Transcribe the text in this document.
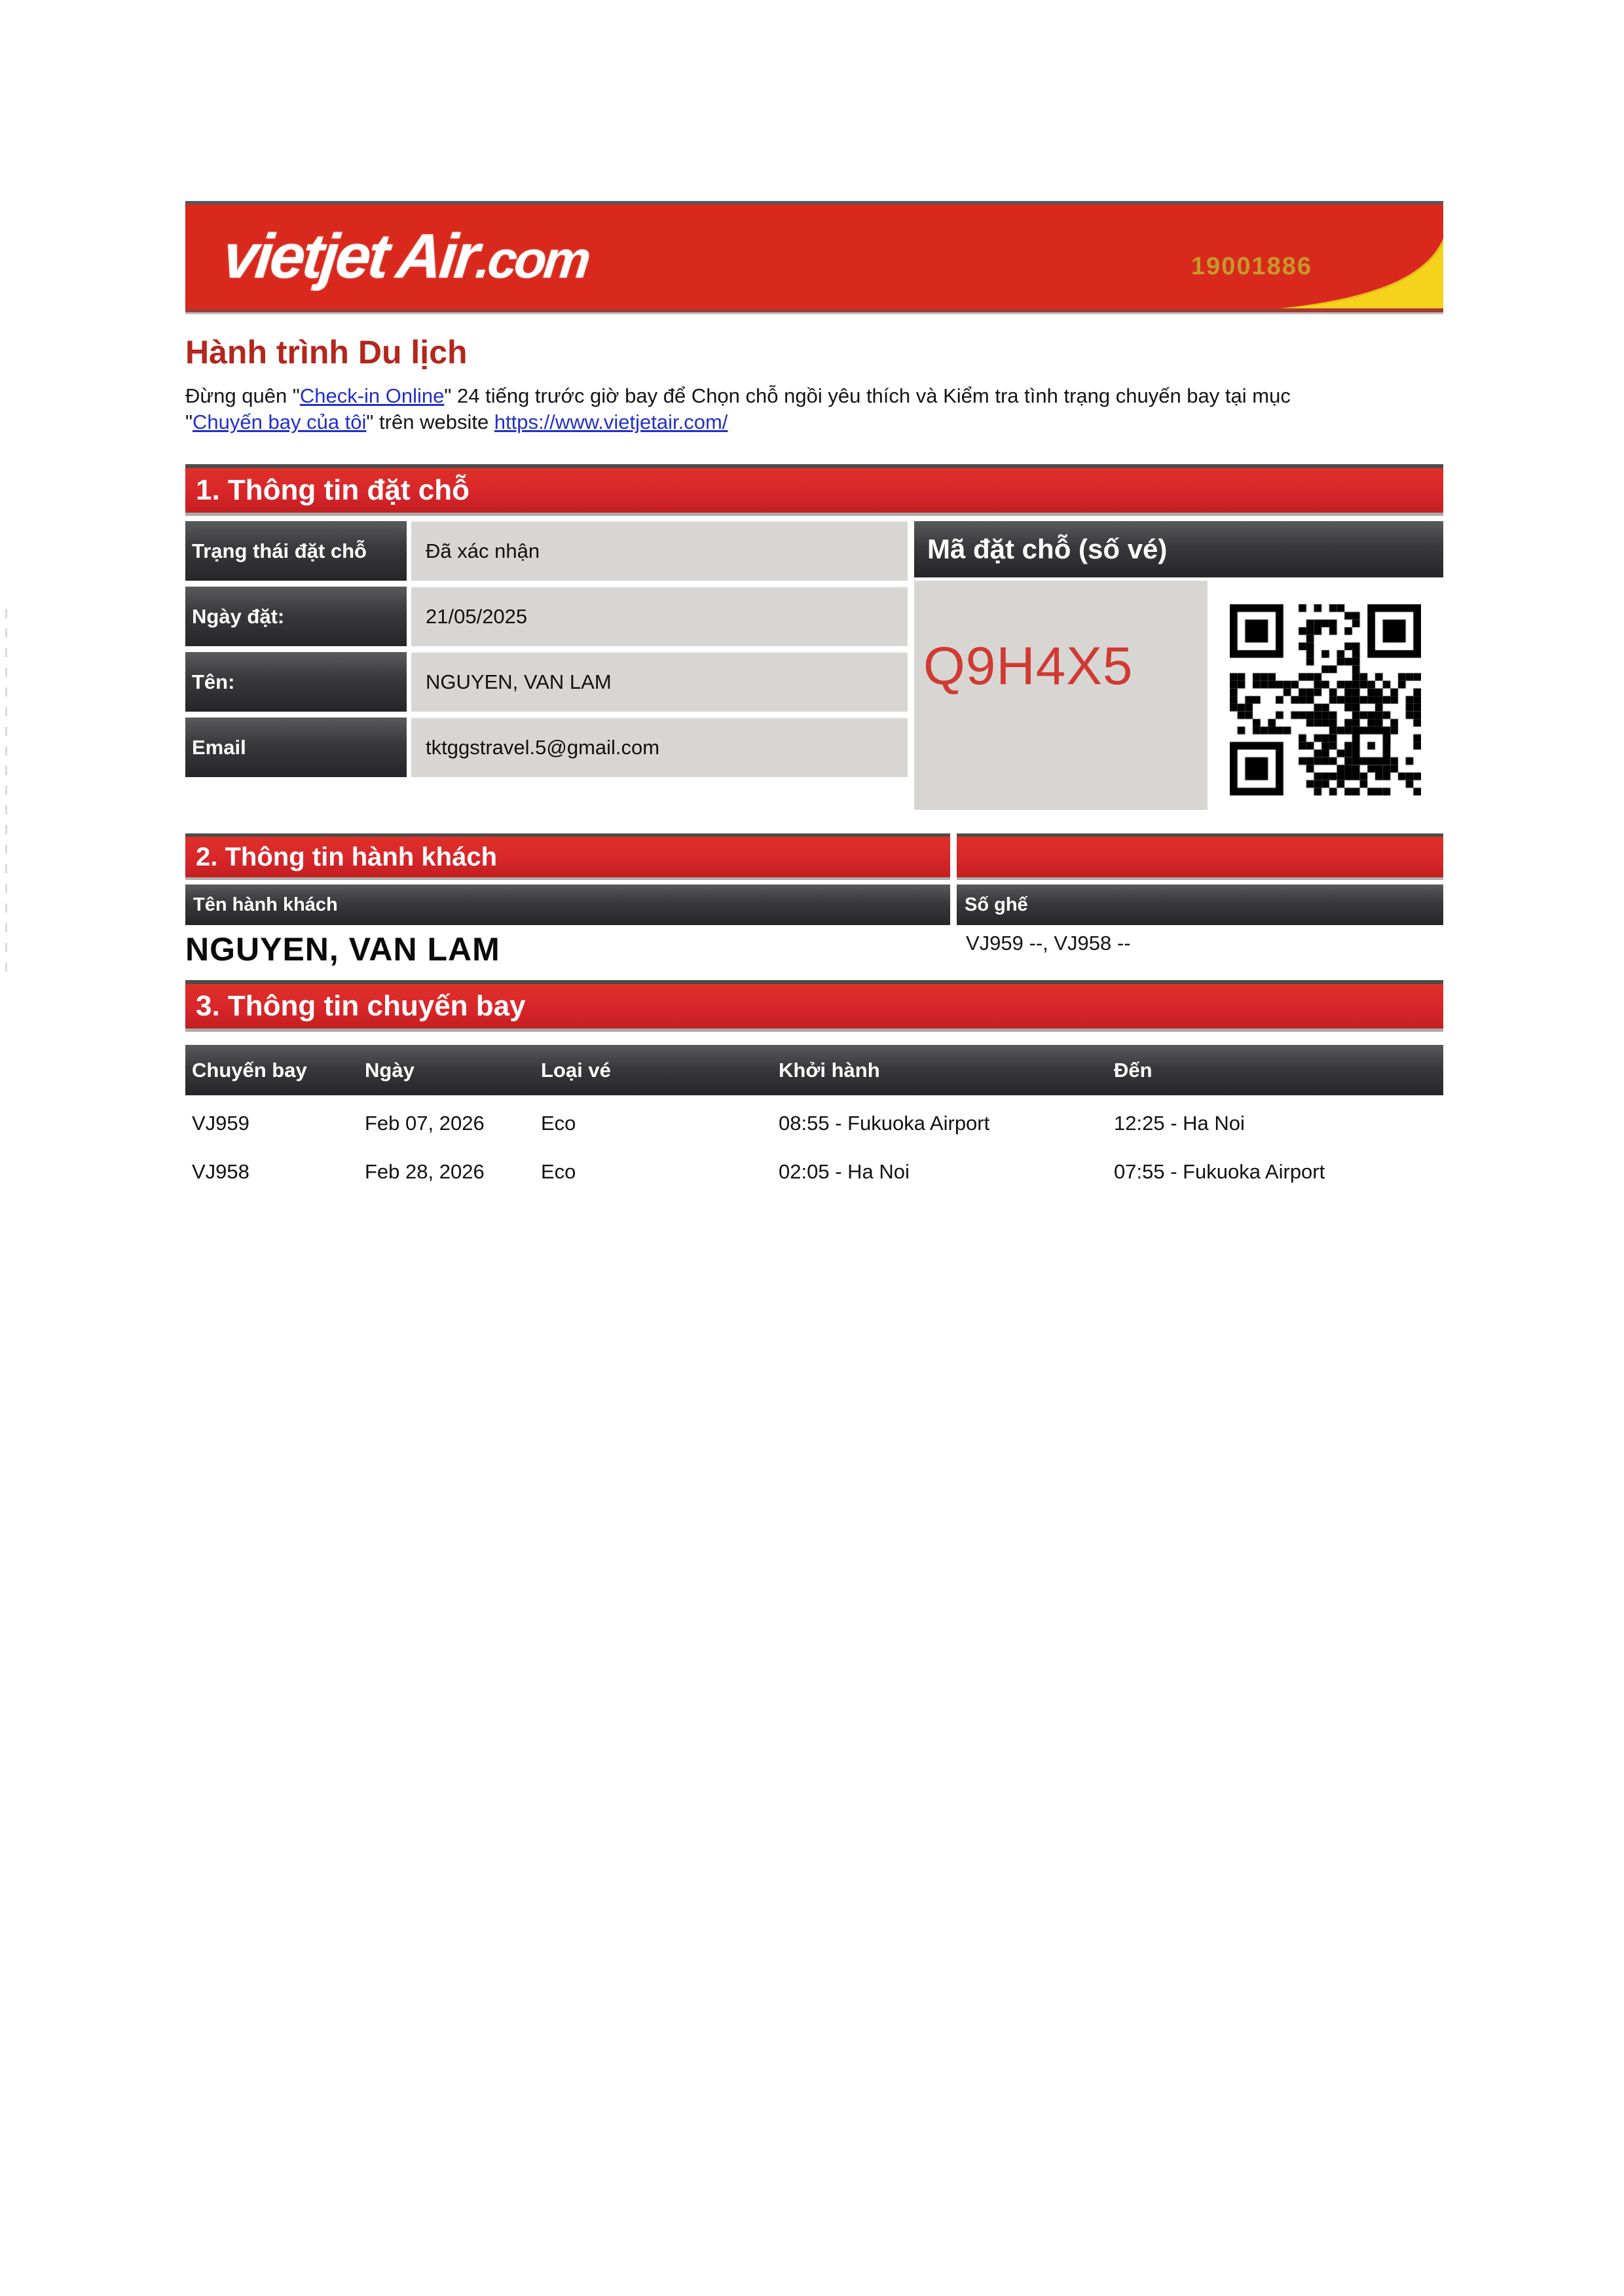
vietjetAir.com	19001886
Hành trình Du lịch

Đừng quên "Check-in Online" 24 tiếng trước giờ bay để Chọn chỗ ngồi yêu thích và Kiểm tra tình trạng chuyến bay tại mục "Chuyến bay của tôi" trên website https://www.vietjetair.com/

1. Thông tin đặt chỗ
Trạng thái đặt chỗ	Đã xác nhận
Ngày đặt:	21/05/2025
Tên:	NGUYEN, VAN LAM
Email	tktggstravel.5@gmail.com
Mã đặt chỗ (số vé)
Q9H4X5
2. Thông tin hành khách
Tên hành khách	Số ghế
NGUYEN, VAN LAM	VJ959 --, VJ958 --
3. Thông tin chuyến bay
Chuyến bay	Ngày	Loại vé	Khởi hành	Đến
VJ959	Feb 07, 2026	Eco	08:55 - Fukuoka Airport	12:25 - Ha Noi
VJ958	Feb 28, 2026	Eco	02:05 - Ha Noi	07:55 - Fukuoka Airport
